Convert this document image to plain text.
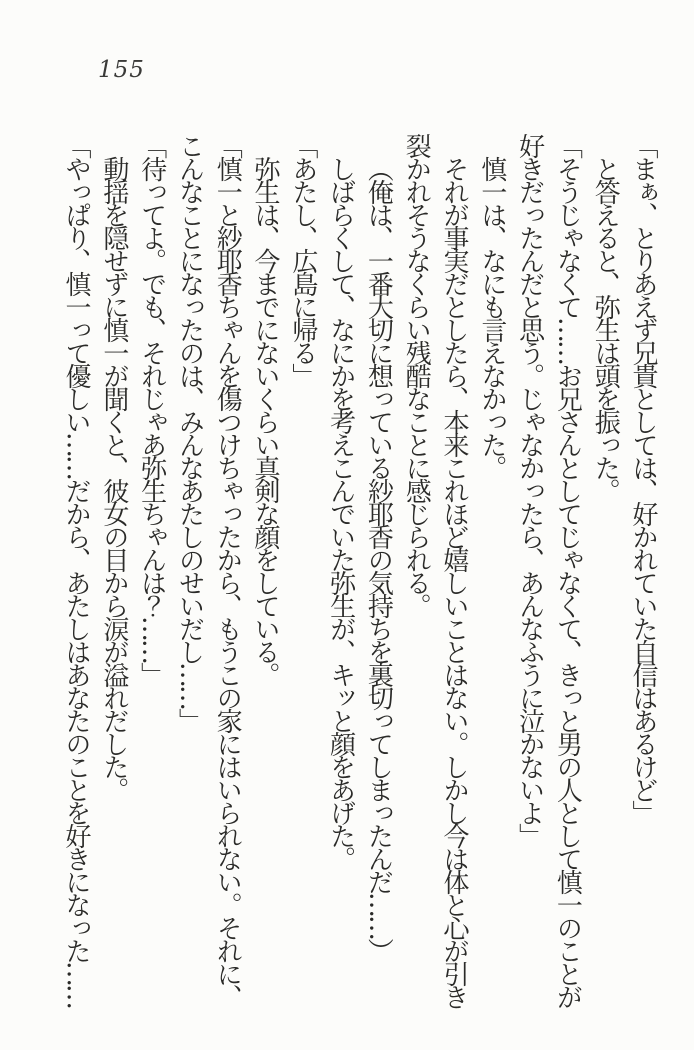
155
「まぁ、とりあえず兄貴としては、好かれていた自信はあるけど」
と答えると、弥生は頭を振った。
「そうじゃなくて……お兄さんとしてじゃなくて、きっと男の人として慎一のことが
好きだったんだと思う。じゃなかったら、あんなふうに泣かないよ」
慎一は、なにも言えなかった。
それが事実だとしたら、本来これほど嬉しいことはない。しかし今は体と心が引き
裂かれそうなくらい残酷なことに感じられる。
（俺は、一番大切に想っている紗耶香の気持ちを裏切ってしまったんだ……）
しばらくして、なにかを考えこんでいた弥生が、キッと顔をあげた。
「あたし、広島に帰る」
弥生は、今までにないくらい真剣な顔をしている。
「慎一と紗耶香ちゃんを傷つけちゃったから、もうこの家にはいられない。それに、
こんなことになったのは、みんなあたしのせいだし……」
「待ってよ。でも、それじゃあ弥生ちゃんは？……」
動揺を隠せずに慎一が聞くと、彼女の目から涙が溢れだした。
「やっぱり、慎一って優しい……だから、あたしはあなたのことを好きになった……
